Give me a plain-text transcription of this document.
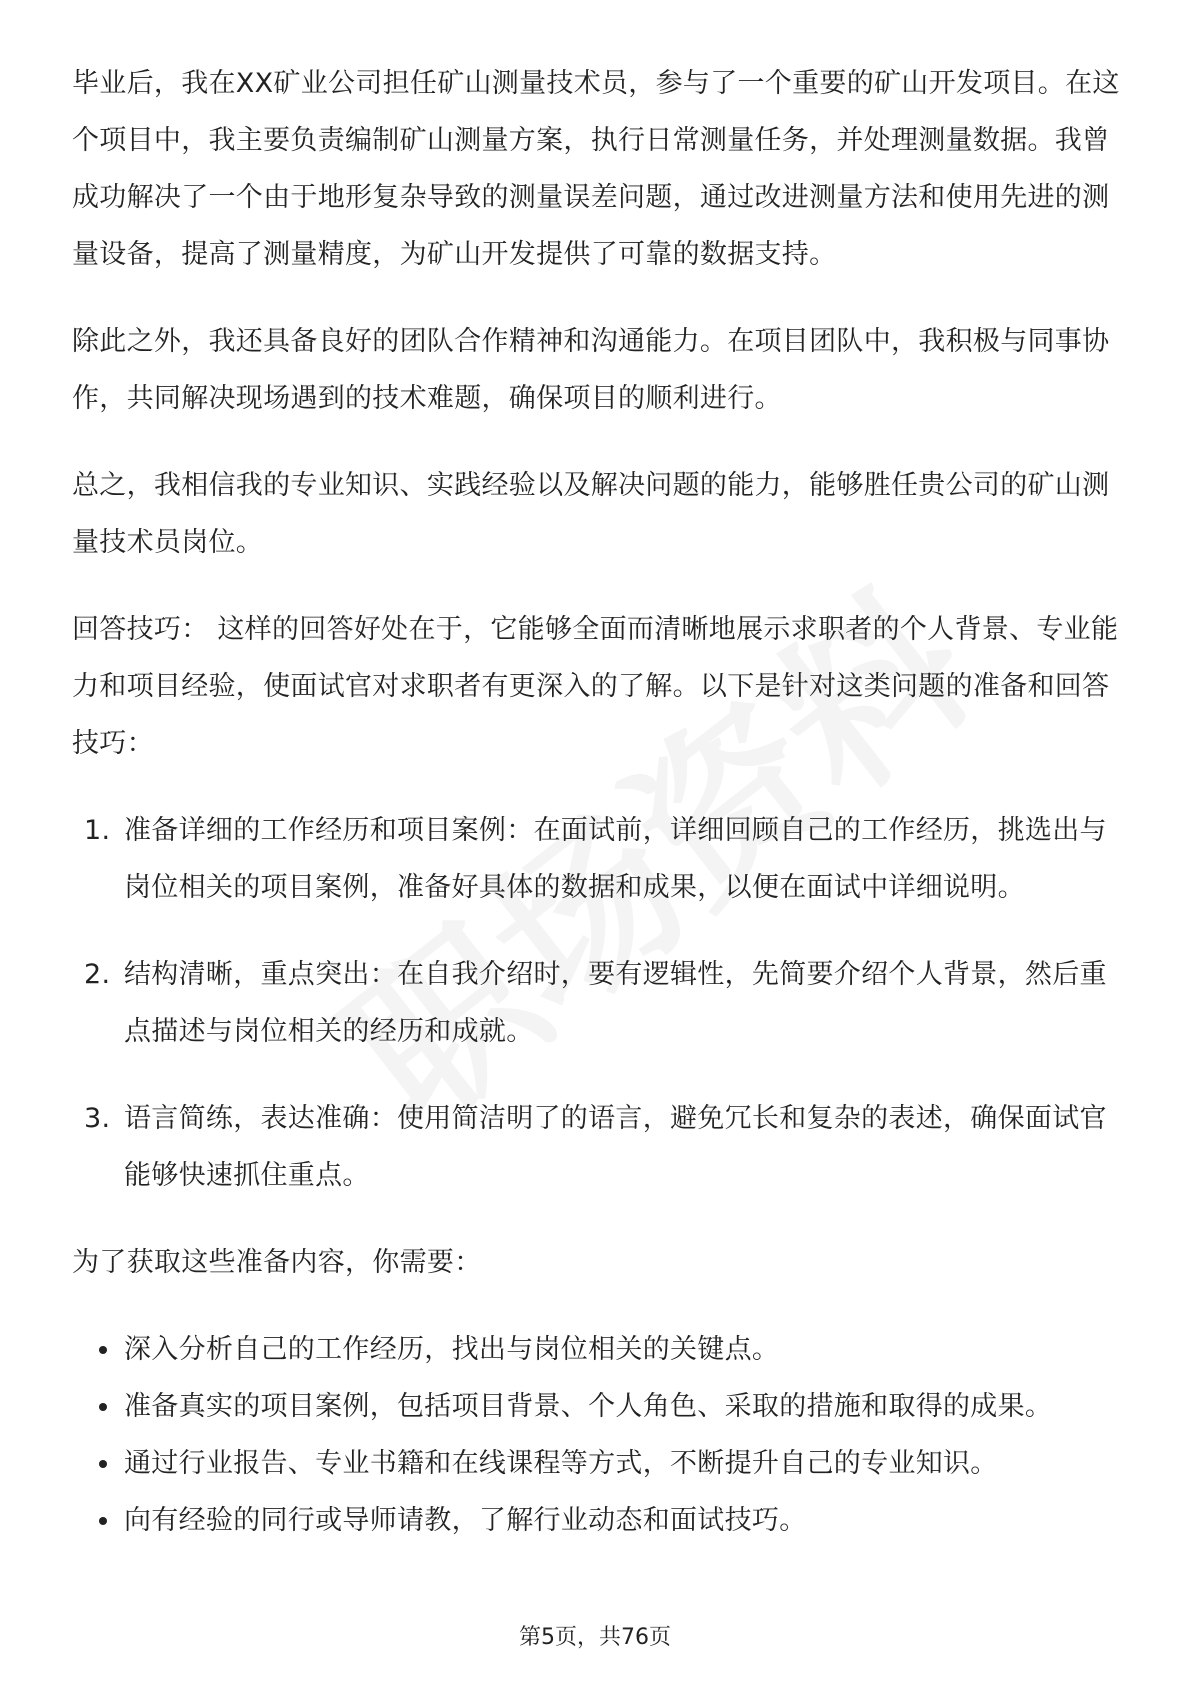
毕业后，我在XX矿业公司担任矿山测量技术员，参与了一个重要的矿山开发项目。在这个项目中，我主要负责编制矿山测量方案，执行日常测量任务，并处理测量数据。我曾成功解决了一个由于地形复杂导致的测量误差问题，通过改进测量方法和使用先进的测量设备，提高了测量精度，为矿山开发提供了可靠的数据支持。

除此之外，我还具备良好的团队合作精神和沟通能力。在项目团队中，我积极与同事协作，共同解决现场遇到的技术难题，确保项目的顺利进行。

总之，我相信我的专业知识、实践经验以及解决问题的能力，能够胜任贵公司的矿山测量技术员岗位。

回答技巧： 这样的回答好处在于，它能够全面而清晰地展示求职者的个人背景、专业能力和项目经验，使面试官对求职者有更深入的了解。以下是针对这类问题的准备和回答技巧：

1. 准备详细的工作经历和项目案例：在面试前，详细回顾自己的工作经历，挑选出与岗位相关的项目案例，准备好具体的数据和成果，以便在面试中详细说明。
2. 结构清晰，重点突出：在自我介绍时，要有逻辑性，先简要介绍个人背景，然后重点描述与岗位相关的经历和成就。
3. 语言简练，表达准确：使用简洁明了的语言，避免冗长和复杂的表述，确保面试官能够快速抓住重点。

为了获取这些准备内容，你需要：

深入分析自己的工作经历，找出与岗位相关的关键点。
准备真实的项目案例，包括项目背景、个人角色、采取的措施和取得的成果。
通过行业报告、专业书籍和在线课程等方式，不断提升自己的专业知识。
向有经验的同行或导师请教，了解行业动态和面试技巧。
第5页，共76页
